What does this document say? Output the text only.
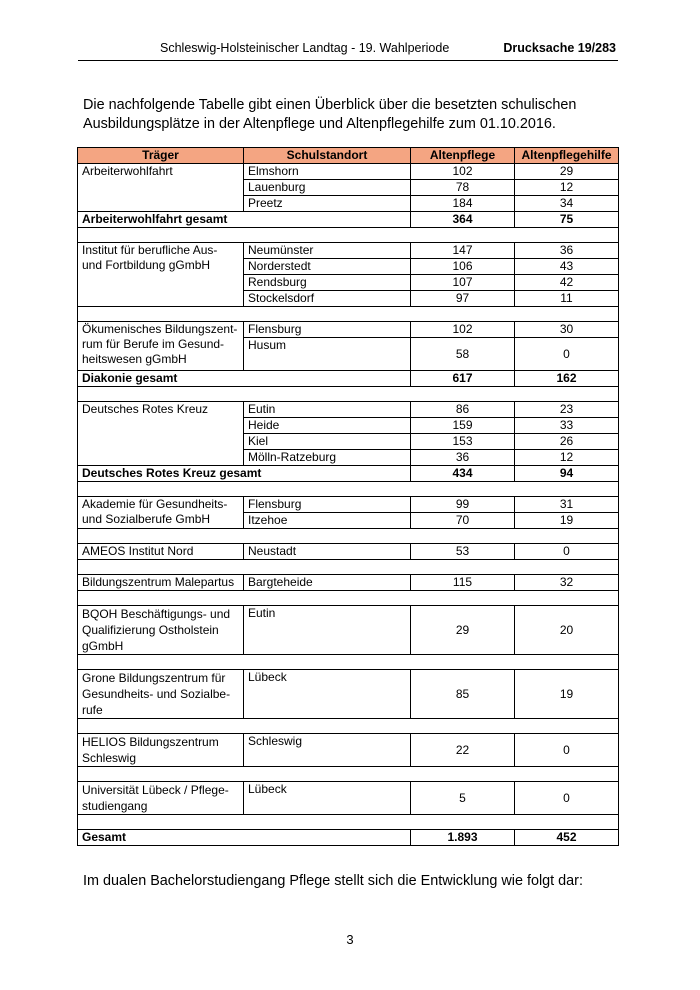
Schleswig-Holsteinischer Landtag - 19. Wahlperiode	Drucksache 19/283
Die nachfolgende Tabelle gibt einen Überblick über die besetzten schulischen Ausbildungsplätze in der Altenpflege und Altenpflegehilfe zum 01.10.2016.
Träger	Schulstandort	Altenpflege	Altenpflegehilfe
Arbeiterwohlfahrt	Elmshorn	102	29
	Lauenburg	78	12
	Preetz	184	34
Arbeiterwohlfahrt gesamt		364	75

Institut für berufliche Aus-
und Fortbildung gGmbH	Neumünster	147	36
	Norderstedt	106	43
	Rendsburg	107	42
	Stockelsdorf	97	11

Ökumenisches Bildungszent-
rum für Berufe im Gesund-
heitswesen gGmbH	Flensburg	102	30
	Husum	58	0
Diakonie gesamt		617	162

Deutsches Rotes Kreuz	Eutin	86	23
	Heide	159	33
	Kiel	153	26
	Mölln-Ratzeburg	36	12
Deutsches Rotes Kreuz gesamt		434	94

Akademie für Gesundheits-
und Sozialberufe GmbH	Flensburg	99	31
	Itzehoe	70	19

AMEOS Institut Nord	Neustadt	53	0

Bildungszentrum Malepartus	Bargteheide	115	32

BQOH Beschäftigungs- und
Qualifizierung Ostholstein
gGmbH	Eutin	29	20

Grone Bildungszentrum für
Gesundheits- und Sozialbe-
rufe	Lübeck	85	19

HELIOS Bildungszentrum
Schleswig	Schleswig	22	0

Universität Lübeck / Pflege-
studiengang	Lübeck	5	0

Gesamt		1.893	452
Im dualen Bachelorstudiengang Pflege stellt sich die Entwicklung wie folgt dar:
3
